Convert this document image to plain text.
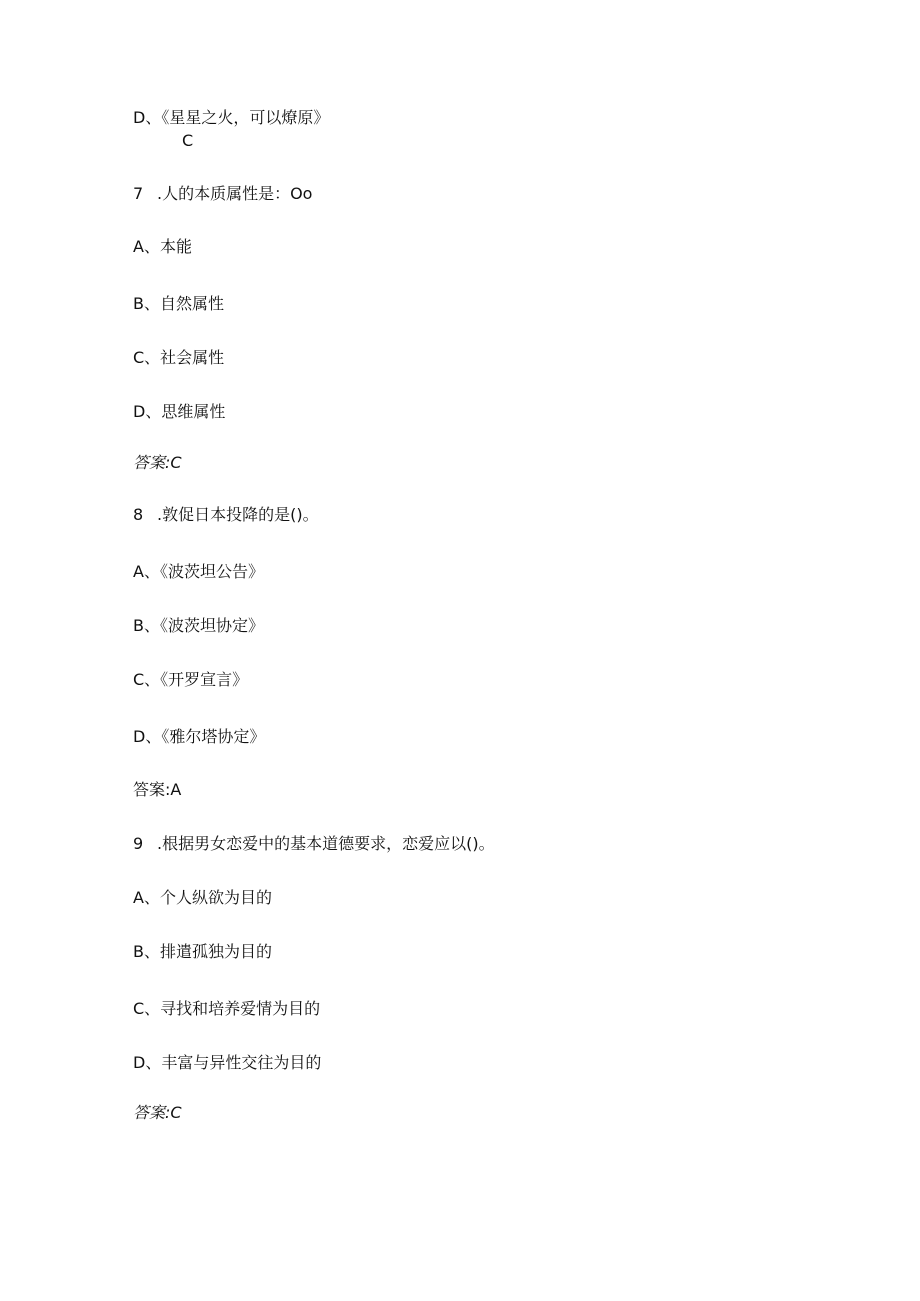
D、《星星之火，可以燎原》
C
7 .人的本质属性是：Oo
A、本能
B、自然属性
C、社会属性
D、思维属性
答案:C
8 .敦促日本投降的是()。
A、《波茨坦公告》
B、《波茨坦协定》
C、《开罗宣言》
D、《雅尔塔协定》
答案:A
9 .根据男女恋爱中的基本道德要求，恋爱应以()。
A、个人纵欲为目的
B、排遣孤独为目的
C、寻找和培养爱情为目的
D、丰富与异性交往为目的
答案:C
